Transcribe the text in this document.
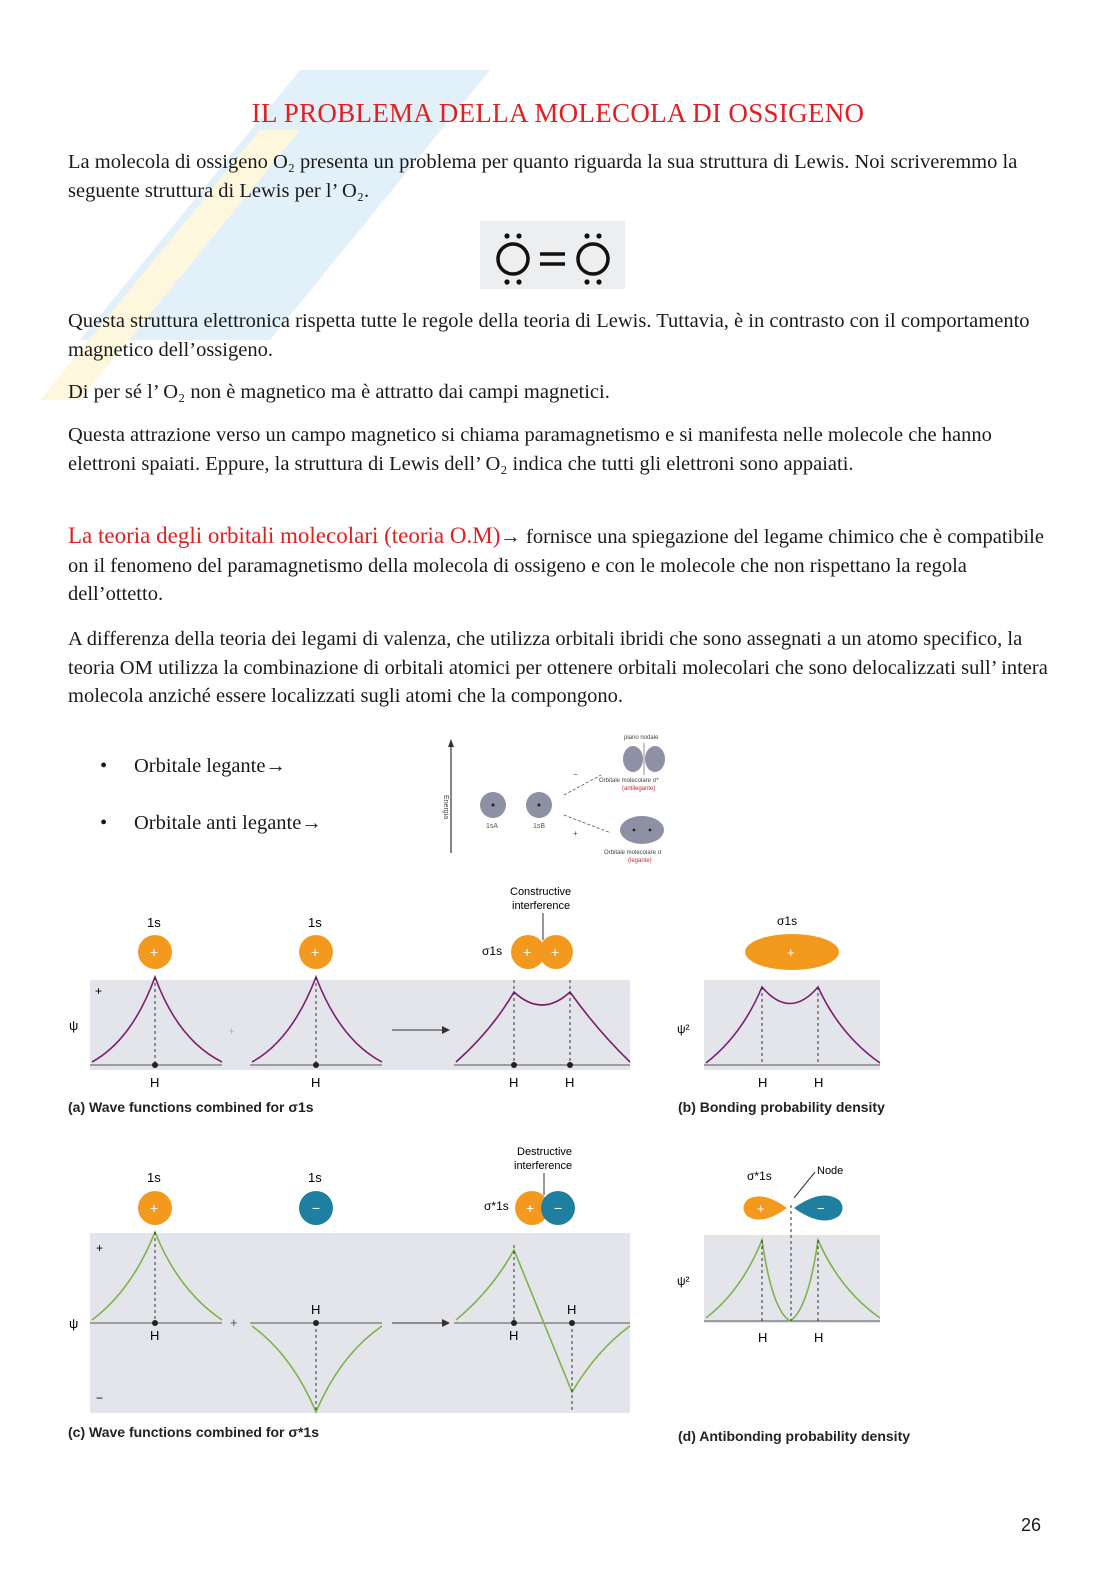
IL PROBLEMA DELLA MOLECOLA DI OSSIGENO

La molecola di ossigeno O₂ presenta un problema per quanto riguarda la sua struttura di Lewis. Noi scriveremmo la seguente struttura di Lewis per l’ O₂.

Questa struttura elettronica rispetta tutte le regole della teoria di Lewis. Tuttavia, è in contrasto con il comportamento magnetico dell’ossigeno.

Di per sé l’ O₂ non è magnetico ma è attratto dai campi magnetici.

Questa attrazione verso un campo magnetico si chiama paramagnetismo e si manifesta nelle molecole che hanno elettroni spaiati. Eppure, la struttura di Lewis dell’ O₂ indica che tutti gli elettroni sono appaiati.

La teoria degli orbitali molecolari (teoria O.M)→ fornisce una spiegazione del legame chimico che è compatibile on il fenomeno del paramagnetismo della molecola di ossigeno e con le molecole che non rispettano la regola dell’ottetto.

A differenza della teoria dei legami di valenza, che utilizza orbitali ibridi che sono assegnati a un atomo specifico, la teoria OM utilizza la combinazione di orbitali atomici per ottenere orbitali molecolari che sono delocalizzati sull’ intera molecola anziché essere localizzati sugli atomi che la compongono.

• Orbitale legante→
• Orbitale anti legante→
Energia
1sA	1sB
−
+
piano nodale
Orbitale molecolare σ*
(antilegante)
Orbitale molecolare σ
(legante)
+
ψ
1s
+
1s
+
H
+
H
Constructive
interference
σ1s + +
H	H
(a) Wave functions combined for σ1s
σ1s
+
ψ²
H	H
(b) Bonding probability density
+
−
ψ
1s
+
1s
−
H
+
H
Destructive
interference
σ*1s + −
H
H
(c) Wave functions combined for σ*1s
σ*1s	Node
+	−
ψ²
H	H
(d) Antibonding probability density
26
